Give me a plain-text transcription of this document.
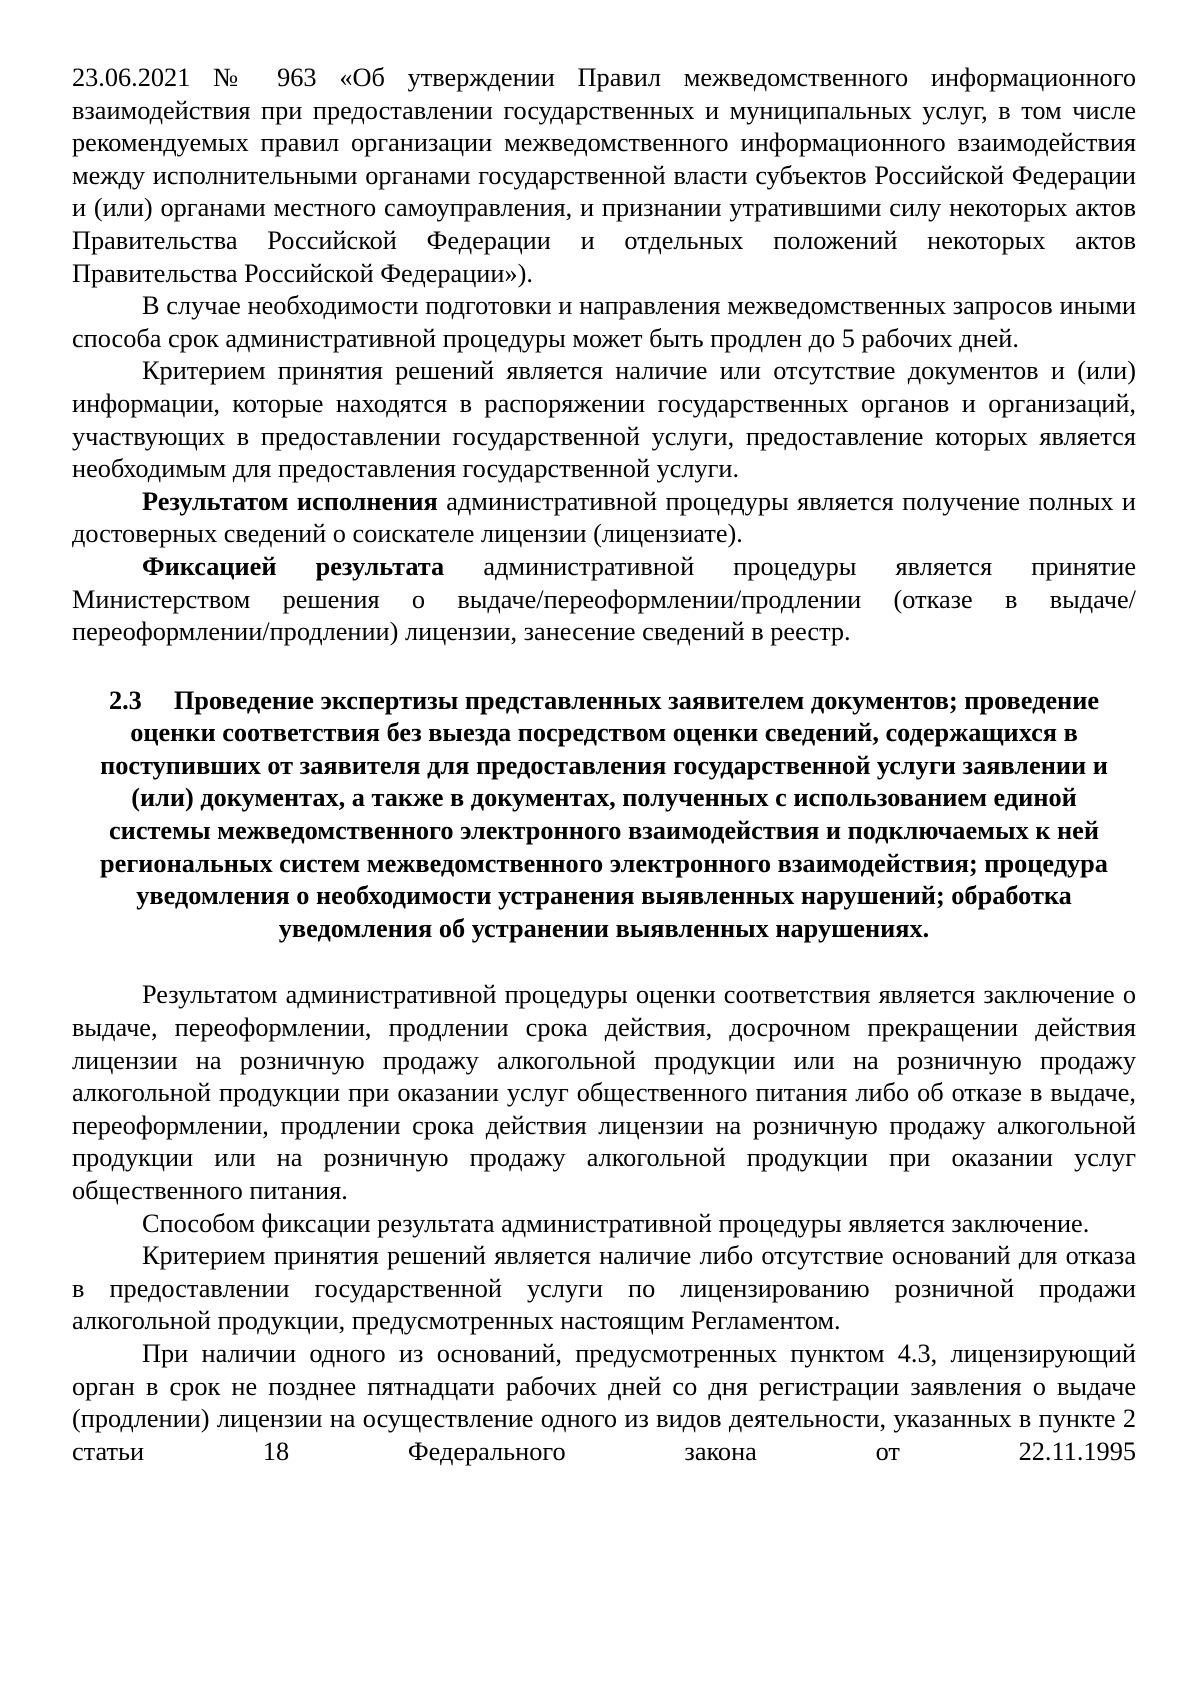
23.06.2021 № 963 «Об утверждении Правил межведомственного информационного взаимодействия при предоставлении государственных и муниципальных услуг, в том числе рекомендуемых правил организации межведомственного информационного взаимодействия между исполнительными органами государственной власти субъектов Российской Федерации и (или) органами местного самоуправления, и признании утратившими силу некоторых актов Правительства Российской Федерации и отдельных положений некоторых актов Правительства Российской Федерации»).

В случае необходимости подготовки и направления межведомственных запросов иными способа срок административной процедуры может быть продлен до 5 рабочих дней.

Критерием принятия решений является наличие или отсутствие документов и (или) информации, которые находятся в распоряжении государственных органов и организаций, участвующих в предоставлении государственной услуги, предоставление которых является необходимым для предоставления государственной услуги.

Результатом исполнения административной процедуры является получение полных и достоверных сведений о соискателе лицензии (лицензиате).

Фиксацией результата административной процедуры является принятие Министерством решения о выдаче/переоформлении/продлении (отказе в выдаче/переоформлении/продлении) лицензии, занесение сведений в реестр.

2.3 Проведение экспертизы представленных заявителем документов; проведение оценки соответствия без выезда посредством оценки сведений, содержащихся в поступивших от заявителя для предоставления государственной услуги заявлении и (или) документах, а также в документах, полученных с использованием единой системы межведомственного электронного взаимодействия и подключаемых к ней региональных систем межведомственного электронного взаимодействия; процедура уведомления о необходимости устранения выявленных нарушений; обработка уведомления об устранении выявленных нарушениях.

Результатом административной процедуры оценки соответствия является заключение о выдаче, переоформлении, продлении срока действия, досрочном прекращении действия лицензии на розничную продажу алкогольной продукции или на розничную продажу алкогольной продукции при оказании услуг общественного питания либо об отказе в выдаче, переоформлении, продлении срока действия лицензии на розничную продажу алкогольной продукции или на розничную продажу алкогольной продукции при оказании услуг общественного питания.

Способом фиксации результата административной процедуры является заключение.

Критерием принятия решений является наличие либо отсутствие оснований для отказа в предоставлении государственной услуги по лицензированию розничной продажи алкогольной продукции, предусмотренных настоящим Регламентом.

При наличии одного из оснований, предусмотренных пунктом 4.3, лицензирующий орган в срок не позднее пятнадцати рабочих дней со дня регистрации заявления о выдаче (продлении) лицензии на осуществление одного из видов деятельности, указанных в пункте 2 статьи 18 Федерального закона от 22.11.1995
